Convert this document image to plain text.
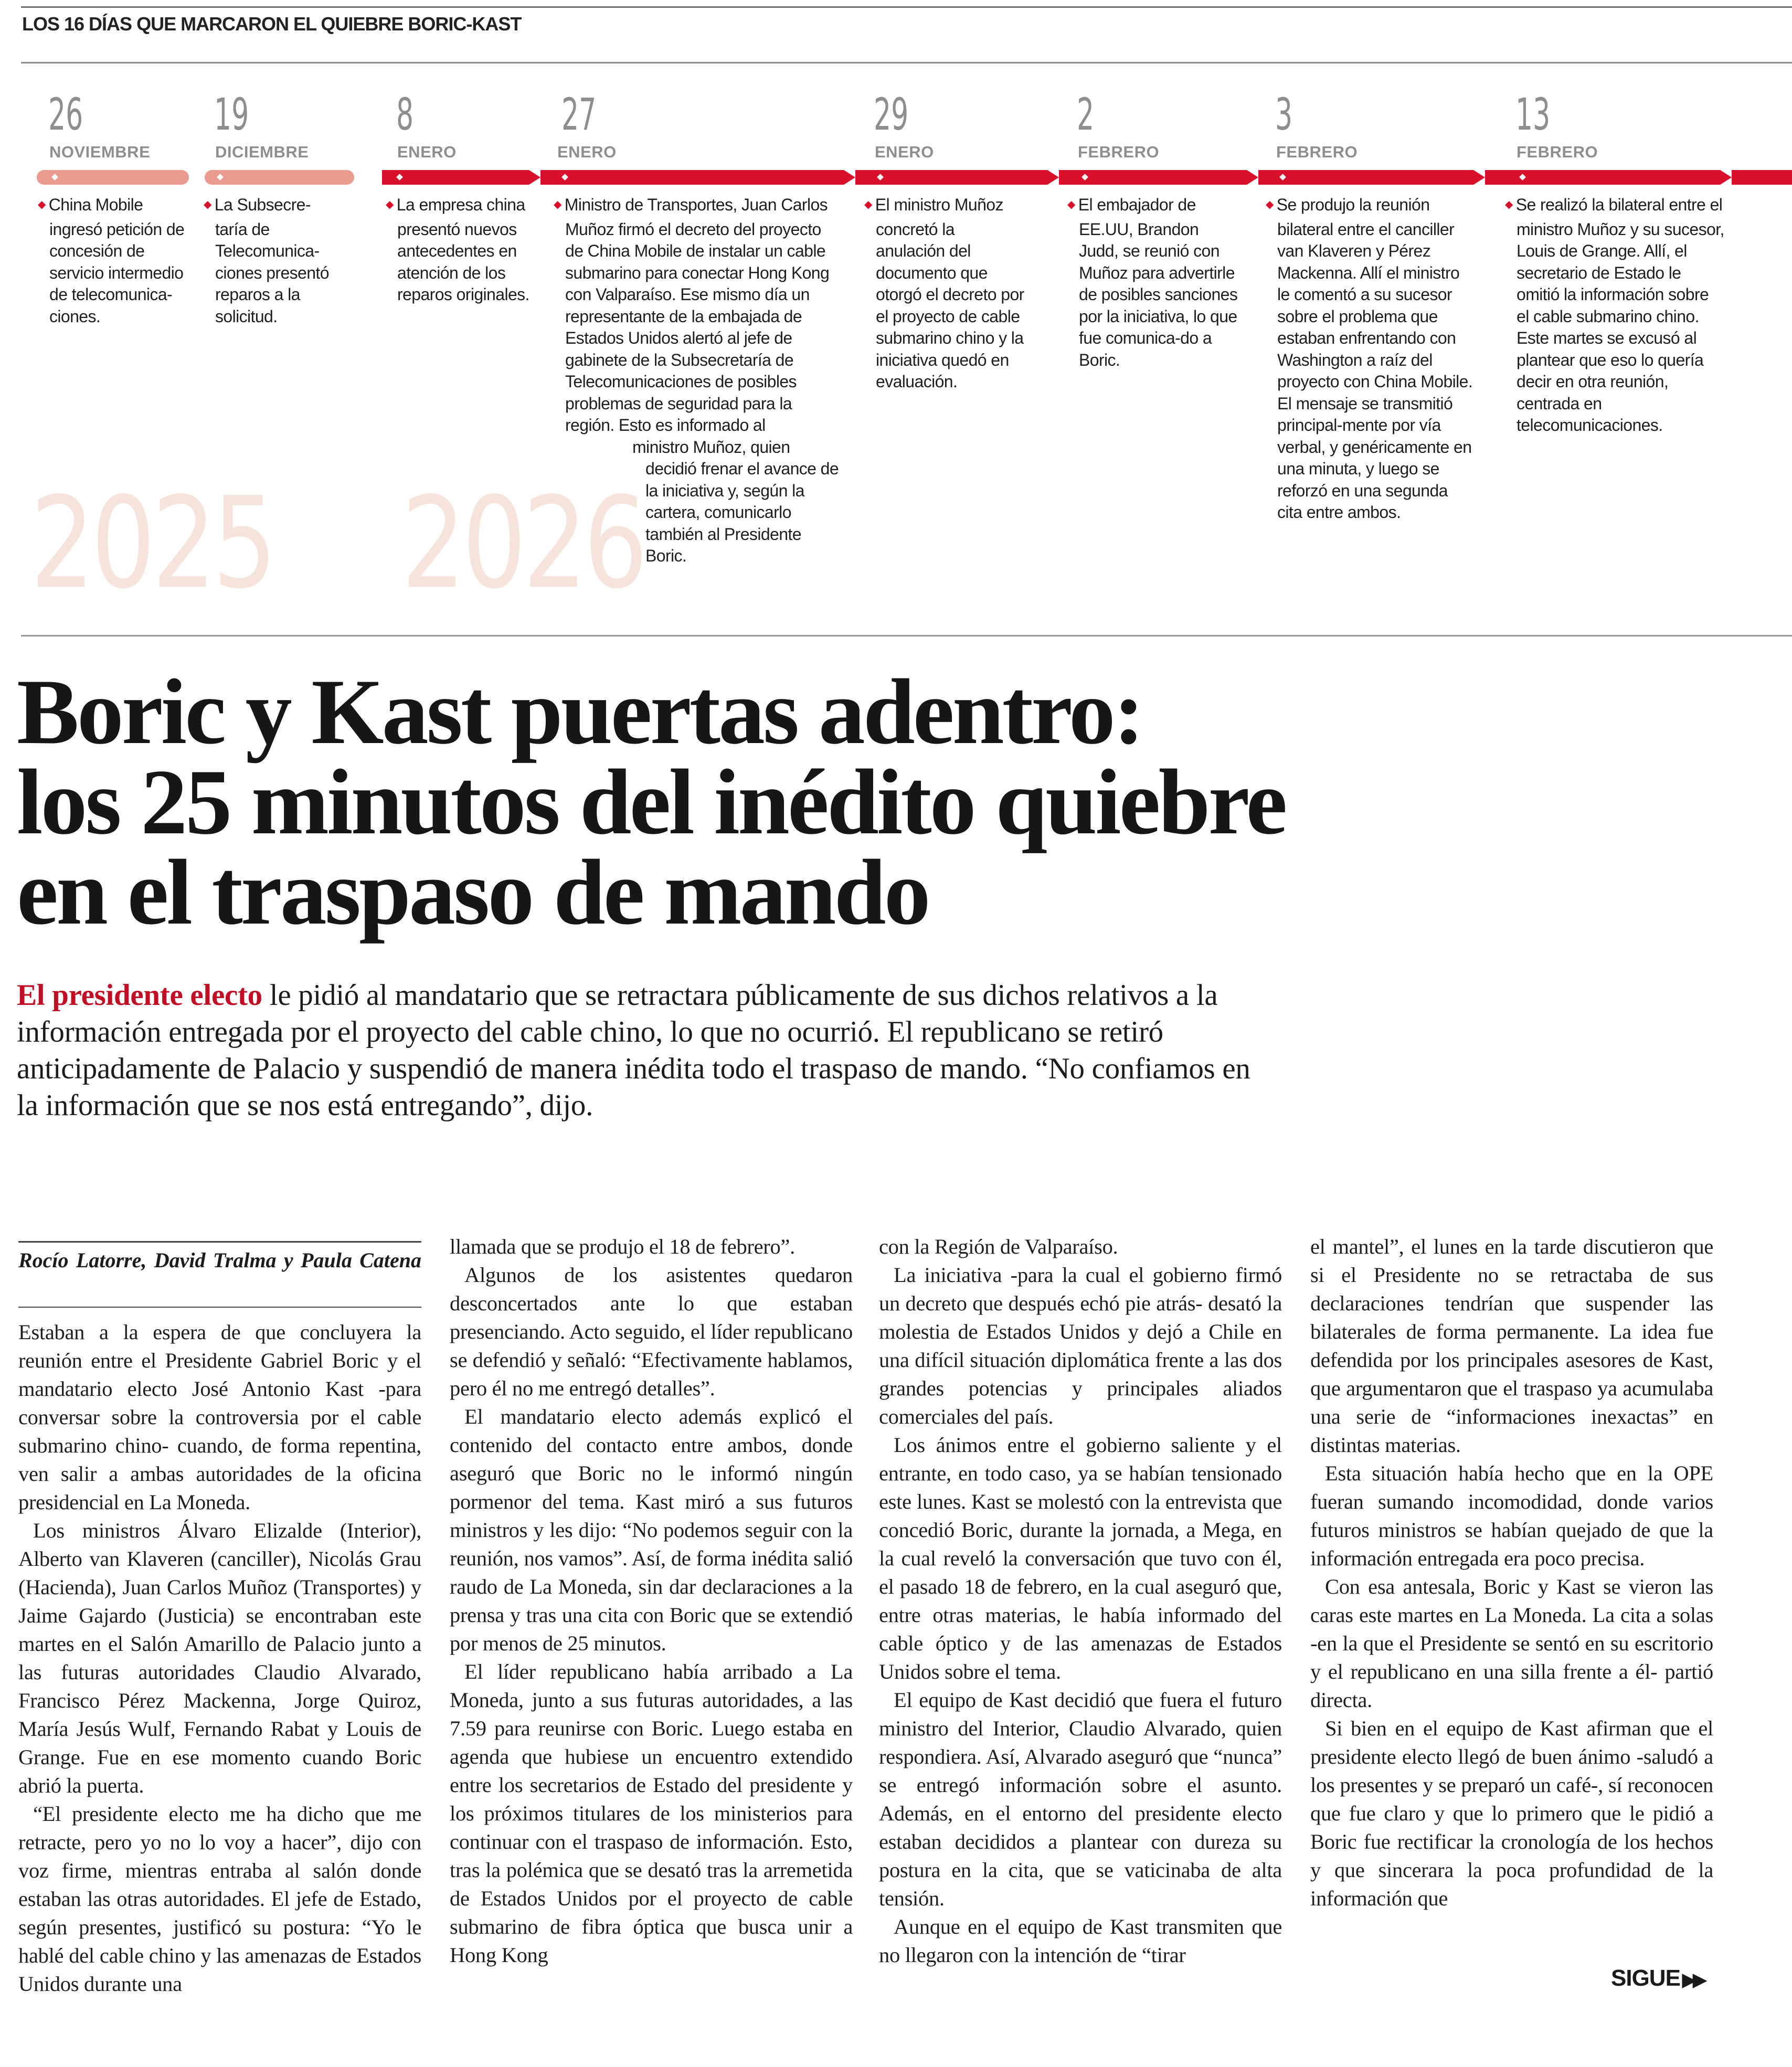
LOS 16 DÍAS QUE MARCARON EL QUIEBRE BORIC-KAST
2025 2026
26
NOVIEMBRE

◆ China Mobile ingresó petición de concesión de servicio intermedio de telecomunica-ciones.

19
DICIEMBRE

◆ La Subsecre-taría de Telecomunica-ciones presentó reparos a la solicitud.

8
ENERO

◆ La empresa china presentó nuevos antecedentes en atención de los reparos originales.

27
ENERO

◆ Ministro de Transportes, Juan Carlos Muñoz firmó el decreto del proyecto de China Mobile de instalar un cable submarino para conectar Hong Kong con Valparaíso. Ese mismo día un representante de la embajada de Estados Unidos alertó al jefe de gabinete de la Subsecretaría de Telecomunicaciones de posibles problemas de seguridad para la región. Esto es informado al

ministro Muñoz, quien

decidió frenar el avance de la iniciativa y, según la cartera, comunicarlo también al Presidente Boric.

29
ENERO

◆ El ministro Muñoz concretó la anulación del documento que otorgó el decreto por el proyecto de cable submarino chino y la iniciativa quedó en evaluación.

2
FEBRERO

◆ El embajador de EE.UU, Brandon Judd, se reunió con Muñoz para advertirle de posibles sanciones por la iniciativa, lo que fue comunica-do a Boric.

3
FEBRERO

◆ Se produjo la reunión bilateral entre el canciller van Klaveren y Pérez Mackenna. Allí el ministro le comentó a su sucesor sobre el problema que estaban enfrentando con Washington a raíz del proyecto con China Mobile. El mensaje se transmitió principal-mente por vía verbal, y genéricamente en una minuta, y luego se reforzó en una segunda cita entre ambos.

13
FEBRERO

◆ Se realizó la bilateral entre el ministro Muñoz y su sucesor, Louis de Grange. Allí, el secretario de Estado le omitió la información sobre el cable submarino chino. Este martes se excusó al plantear que eso lo quería decir en otra reunión, centrada en telecomunicaciones.

Boric y Kast puertas adentro:
los 25 minutos del inédito quiebre
en el traspaso de mando

El presidente electo le pidió al mandatario que se retractara públicamente de sus dichos relativos a la información entregada por el proyecto del cable chino, lo que no ocurrió. El republicano se retiró anticipadamente de Palacio y suspendió de manera inédita todo el traspaso de mando. “No confiamos en la información que se nos está entregando”, dijo.

Rocío Latorre, David Tralma y Paula Catena

Estaban a la espera de que concluyera la reunión entre el Presidente Gabriel Boric y el mandatario electo José Antonio Kast -para conversar sobre la controversia por el cable submarino chino- cuando, de forma repentina, ven salir a ambas autoridades de la oficina presidencial en La Moneda.

Los ministros Álvaro Elizalde (Interior), Alberto van Klaveren (canciller), Nicolás Grau (Hacienda), Juan Carlos Muñoz (Transportes) y Jaime Gajardo (Justicia) se encontraban este martes en el Salón Amarillo de Palacio junto a las futuras autoridades Claudio Alvarado, Francisco Pérez Mackenna, Jorge Quiroz, María Jesús Wulf, Fernando Rabat y Louis de Grange. Fue en ese momento cuando Boric abrió la puerta.

“El presidente electo me ha dicho que me retracte, pero yo no lo voy a hacer”, dijo con voz firme, mientras entraba al salón donde estaban las otras autoridades. El jefe de Estado, según presentes, justificó su postura: “Yo le hablé del cable chino y las amenazas de Estados Unidos durante una

llamada que se produjo el 18 de febrero”.

Algunos de los asistentes quedaron desconcertados ante lo que estaban presenciando. Acto seguido, el líder republicano se defendió y señaló: “Efectivamente hablamos, pero él no me entregó detalles”.

El mandatario electo además explicó el contenido del contacto entre ambos, donde aseguró que Boric no le informó ningún pormenor del tema. Kast miró a sus futuros ministros y les dijo: “No podemos seguir con la reunión, nos vamos”. Así, de forma inédita salió raudo de La Moneda, sin dar declaraciones a la prensa y tras una cita con Boric que se extendió por menos de 25 minutos.

El líder republicano había arribado a La Moneda, junto a sus futuras autoridades, a las 7.59 para reunirse con Boric. Luego estaba en agenda que hubiese un encuentro extendido entre los secretarios de Estado del presidente y los próximos titulares de los ministerios para continuar con el traspaso de información. Esto, tras la polémica que se desató tras la arremetida de Estados Unidos por el proyecto de cable submarino de fibra óptica que busca unir a Hong Kong

con la Región de Valparaíso.

La iniciativa -para la cual el gobierno firmó un decreto que después echó pie atrás- desató la molestia de Estados Unidos y dejó a Chile en una difícil situación diplomática frente a las dos grandes potencias y principales aliados comerciales del país.

Los ánimos entre el gobierno saliente y el entrante, en todo caso, ya se habían tensionado este lunes. Kast se molestó con la entrevista que concedió Boric, durante la jornada, a Mega, en la cual reveló la conversación que tuvo con él, el pasado 18 de febrero, en la cual aseguró que, entre otras materias, le había informado del cable óptico y de las amenazas de Estados Unidos sobre el tema.

El equipo de Kast decidió que fuera el futuro ministro del Interior, Claudio Alvarado, quien respondiera. Así, Alvarado aseguró que “nunca” se entregó información sobre el asunto. Además, en el entorno del presidente electo estaban decididos a plantear con dureza su postura en la cita, que se vaticinaba de alta tensión.

Aunque en el equipo de Kast transmiten que no llegaron con la intención de “tirar

el mantel”, el lunes en la tarde discutieron que si el Presidente no se retractaba de sus declaraciones tendrían que suspender las bilaterales de forma permanente. La idea fue defendida por los principales asesores de Kast, que argumentaron que el traspaso ya acumulaba una serie de “informaciones inexactas” en distintas materias.

Esta situación había hecho que en la OPE fueran sumando incomodidad, donde varios futuros ministros se habían quejado de que la información entregada era poco precisa.

Con esa antesala, Boric y Kast se vieron las caras este martes en La Moneda. La cita a solas -en la que el Presidente se sentó en su escritorio y el republicano en una silla frente a él- partió directa.

Si bien en el equipo de Kast afirman que el presidente electo llegó de buen ánimo -saludó a los presentes y se preparó un café-, sí reconocen que fue claro y que lo primero que le pidió a Boric fue rectificar la cronología de los hechos y que sincerara la poca profundidad de la información que

SIGUE ▶▶
